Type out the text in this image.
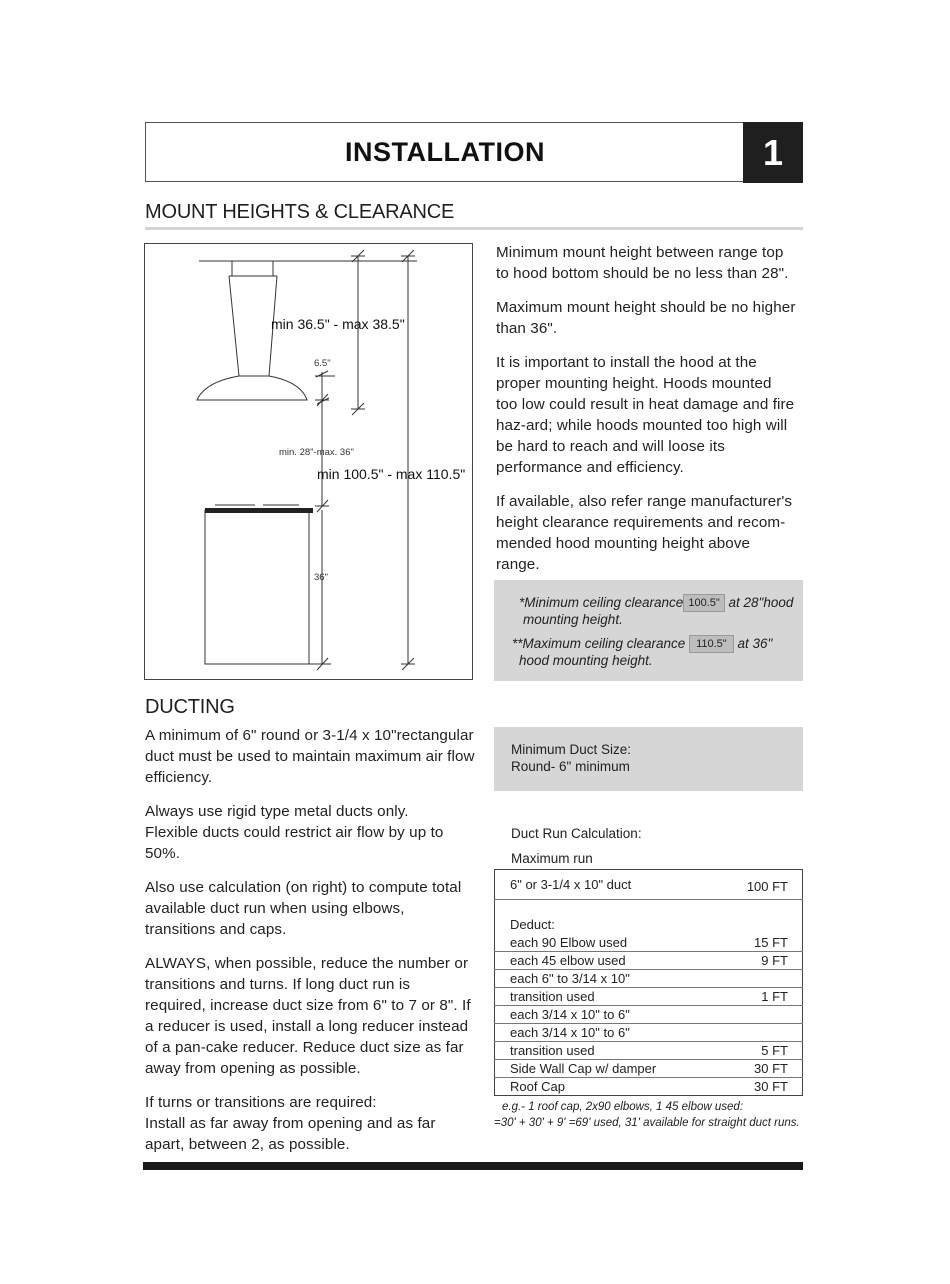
INSTALLATION	1
MOUNT HEIGHTS & CLEARANCE
min 36.5" - max 38.5"
6.5"
min. 28"-max. 36"
min 100.5" - max 110.5"
36"

Minimum mount height between range top to hood bottom should be no less than 28".

Maximum mount height should be no higher than 36".

It is important to install the hood at the proper mounting height. Hoods mounted too low could result in heat damage and fire haz-ard; while hoods mounted too high will be hard to reach and will loose its performance and efficiency.

If available, also refer range manufacturer's height clearance requirements and recom-mended hood mounting height above range.

*Minimum ceiling clearance 100.5" at 28"hood
mounting height.
**Maximum ceiling clearance 110.5" at 36"
hood mounting height.
DUCTING

A minimum of 6" round or 3-1/4 x 10"rectangular duct must be used to maintain maximum air flow efficiency.

Always use rigid type metal ducts only.
Flexible ducts could restrict air flow by up to 50%.

Also use calculation (on right) to compute total available duct run when using elbows, transitions and caps.

ALWAYS, when possible, reduce the number or transitions and turns. If long duct run is required, increase duct size from 6" to 7 or 8". If a reducer is used, install a long reducer instead of a pan-cake reducer. Reduce duct size as far away from opening as possible.

If turns or transitions are required:
Install as far away from opening and as far apart, between 2, as possible.

Minimum Duct Size:
Round- 6" minimum
Duct Run Calculation:
Maximum run
6" or 3-1/4 x 10" duct	100 FT
Deduct:	
each 90 Elbow used	15 FT
each 45 elbow used	9 FT
each 6" to 3/14 x 10"	
transition used	1 FT
each 3/14 x 10" to 6"	
each 3/14 x 10" to 6"	
transition used	5 FT
Side Wall Cap w/ damper	30 FT
Roof Cap	30 FT
e.g.- 1 roof cap, 2x90 elbows, 1 45 elbow used:
=30' + 30' + 9' =69' used, 31' available for straight duct runs.
